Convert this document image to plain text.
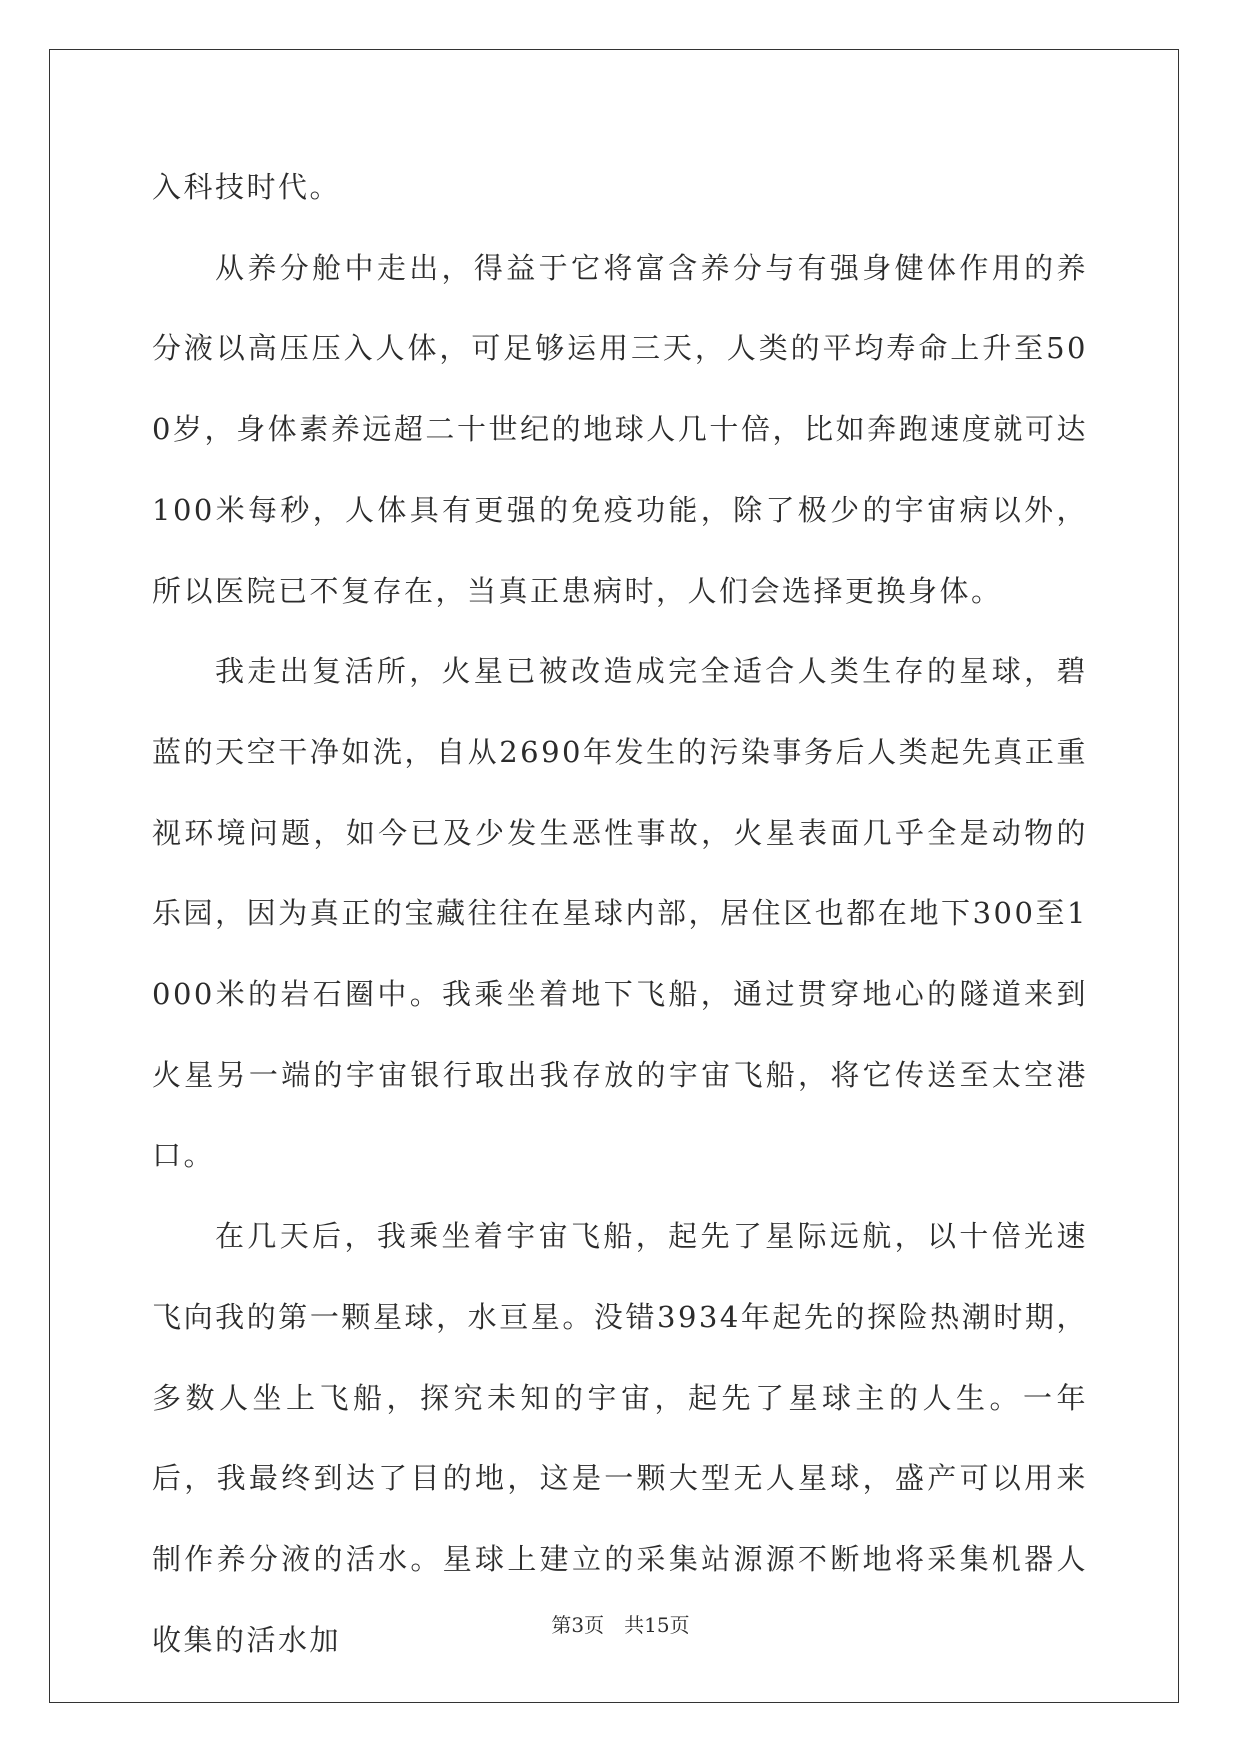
入科技时代。

从养分舱中走出，得益于它将富含养分与有强身健体作用的养分液以高压压入人体，可足够运用三天，人类的平均寿命上升至500岁，身体素养远超二十世纪的地球人几十倍，比如奔跑速度就可达100米每秒，人体具有更强的免疫功能，除了极少的宇宙病以外，所以医院已不复存在，当真正患病时，人们会选择更换身体。

我走出复活所，火星已被改造成完全适合人类生存的星球，碧蓝的天空干净如洗，自从2690年发生的污染事务后人类起先真正重视环境问题，如今已及少发生恶性事故，火星表面几乎全是动物的乐园，因为真正的宝藏往往在星球内部，居住区也都在地下300至1000米的岩石圈中。我乘坐着地下飞船，通过贯穿地心的隧道来到火星另一端的宇宙银行取出我存放的宇宙飞船，将它传送至太空港口。

在几天后，我乘坐着宇宙飞船，起先了星际远航，以十倍光速飞向我的第一颗星球，水亘星。没错3934年起先的探险热潮时期，多数人坐上飞船，探究未知的宇宙，起先了星球主的人生。一年后，我最终到达了目的地，这是一颗大型无人星球，盛产可以用来制作养分液的活水。星球上建立的采集站源源不断地将采集机器人收集的活水加	第3页 共15页
